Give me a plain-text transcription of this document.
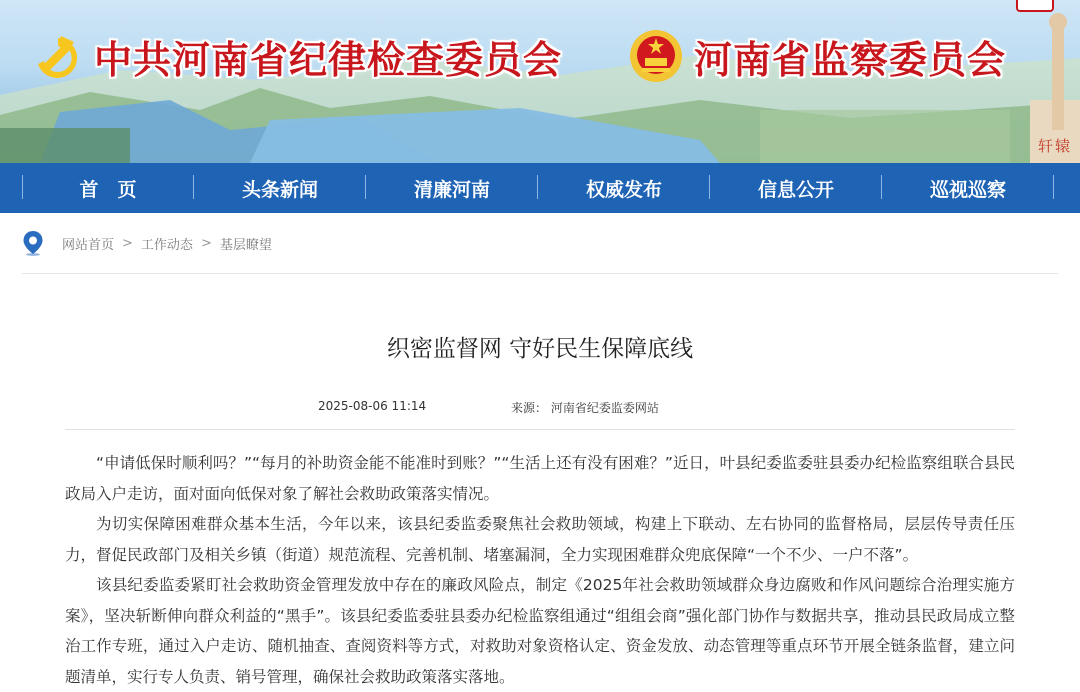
中共河南省纪律检查委员会	河南省监察委员会
轩辕
首　页	头条新闻	清廉河南	权威发布	信息公开	巡视巡察
网站首页 > 工作动态 > 基层瞭望
织密监督网 守好民生保障底线
2025-08-06 11:14	来源： 河南省纪委监委网站

“申请低保时顺利吗？”“每月的补助资金能不能准时到账？”“生活上还有没有困难？”近日，叶县纪委监委驻县委办纪检监察组联合县民政局入户走访，面对面向低保对象了解社会救助政策落实情况。

为切实保障困难群众基本生活，今年以来，该县纪委监委聚焦社会救助领域，构建上下联动、左右协同的监督格局，层层传导责任压力，督促民政部门及相关乡镇（街道）规范流程、完善机制、堵塞漏洞，全力实现困难群众兜底保障“一个不少、一户不落”。

该县纪委监委紧盯社会救助资金管理发放中存在的廉政风险点，制定《2025年社会救助领域群众身边腐败和作风问题综合治理实施方案》，坚决斩断伸向群众利益的“黑手”。该县纪委监委驻县委办纪检监察组通过“组组会商”强化部门协作与数据共享，推动县民政局成立整治工作专班，通过入户走访、随机抽查、查阅资料等方式，对救助对象资格认定、资金发放、动态管理等重点环节开展全链条监督，建立问题清单，实行专人负责、销号管理，确保社会救助政策落实落地。
